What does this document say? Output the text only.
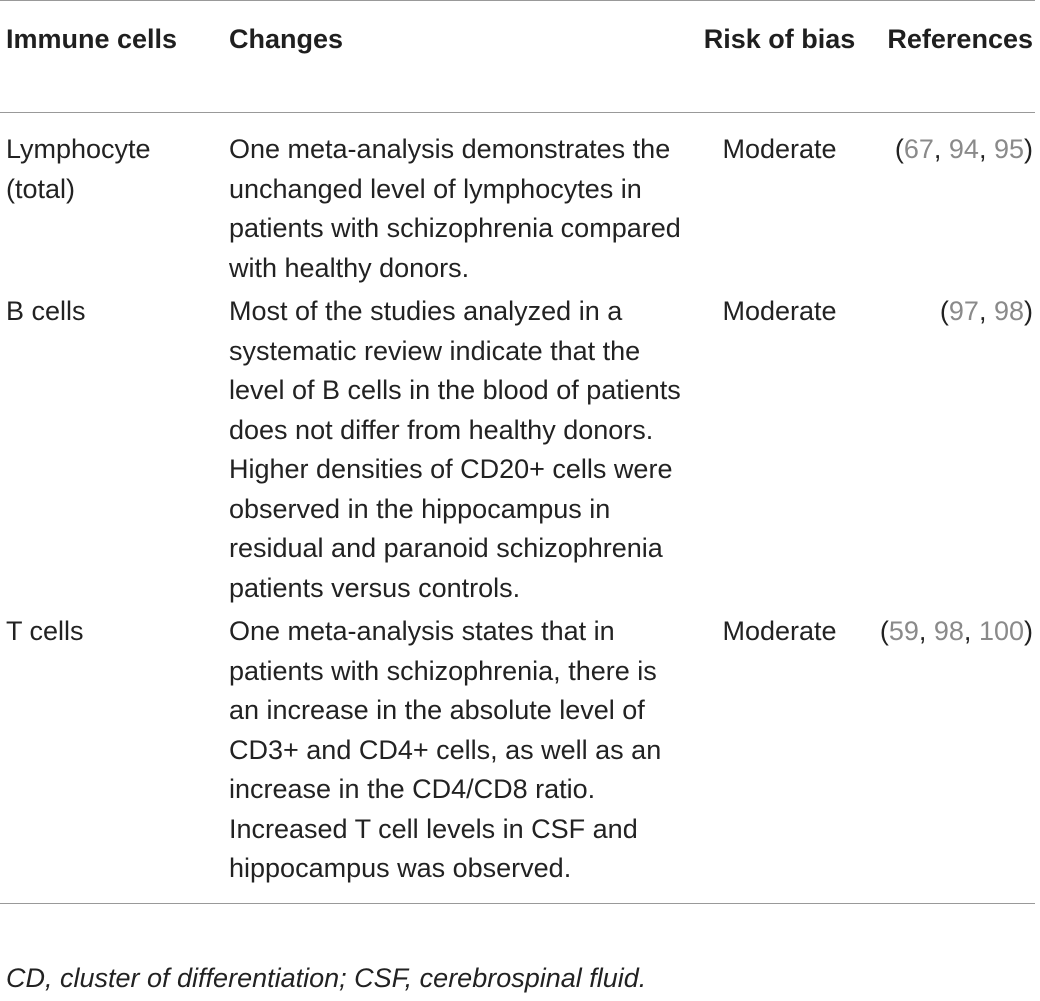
Immune cells	Changes	Risk of bias	References
Lymphocyte (total)	One meta-analysis demonstrates the unchanged level of lymphocytes in patients with schizophrenia compared with healthy donors.	Moderate	(67, 94, 95)
B cells	Most of the studies analyzed in a systematic review indicate that the level of B cells in the blood of patients does not differ from healthy donors. Higher densities of CD20+ cells were observed in the hippocampus in residual and paranoid schizophrenia patients versus controls.	Moderate	(97, 98)
T cells	One meta-analysis states that in patients with schizophrenia, there is an increase in the absolute level of CD3+ and CD4+ cells, as well as an increase in the CD4/CD8 ratio. Increased T cell levels in CSF and hippocampus was observed.	Moderate	(59, 98, 100)
CD, cluster of differentiation; CSF, cerebrospinal fluid.
